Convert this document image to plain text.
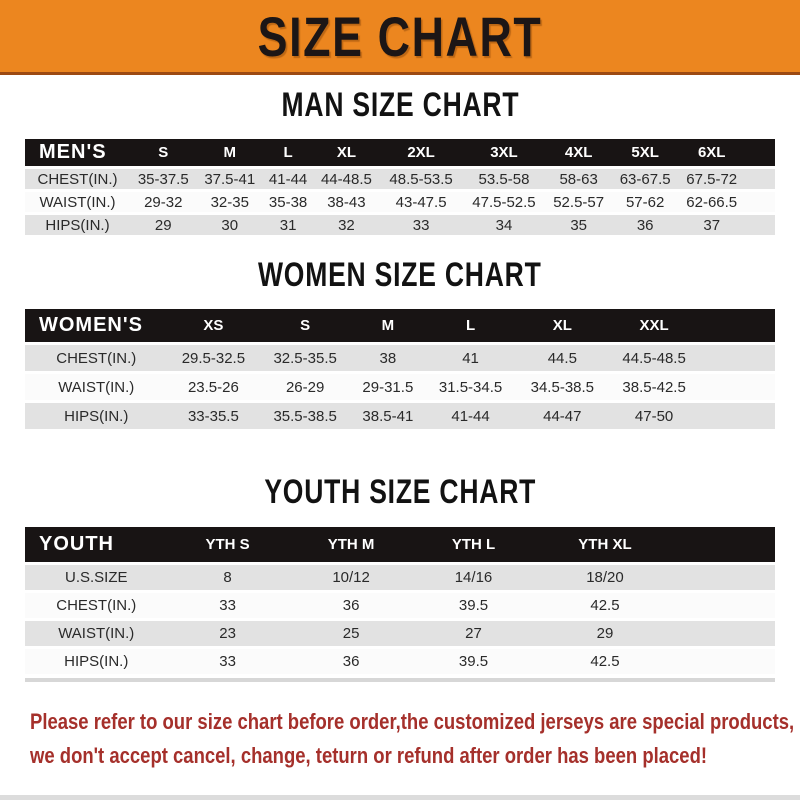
SIZE CHART
MAN SIZE CHART
MEN'S	S	M	L	XL	2XL	3XL	4XL	5XL	6XL	
CHEST(IN.)	35-37.5	37.5-41	41-44	44-48.5	48.5-53.5	53.5-58	58-63	63-67.5	67.5-72	
WAIST(IN.)	29-32	32-35	35-38	38-43	43-47.5	47.5-52.5	52.5-57	57-62	62-66.5	
HIPS(IN.)	29	30	31	32	33	34	35	36	37	
WOMEN SIZE CHART
WOMEN'S	XS	S	M	L	XL	XXL	
CHEST(IN.)	29.5-32.5	32.5-35.5	38	41	44.5	44.5-48.5	
WAIST(IN.)	23.5-26	26-29	29-31.5	31.5-34.5	34.5-38.5	38.5-42.5	
HIPS(IN.)	33-35.5	35.5-38.5	38.5-41	41-44	44-47	47-50	
YOUTH SIZE CHART
YOUTH	YTH S	YTH M	YTH L	YTH XL	
U.S.SIZE	8	10/12	14/16	18/20	
CHEST(IN.)	33	36	39.5	42.5	
WAIST(IN.)	23	25	27	29	
HIPS(IN.)	33	36	39.5	42.5	

Please refer to our size chart before order,the customized jerseys are special products,

we don't accept cancel, change, teturn or refund after order has been placed!
